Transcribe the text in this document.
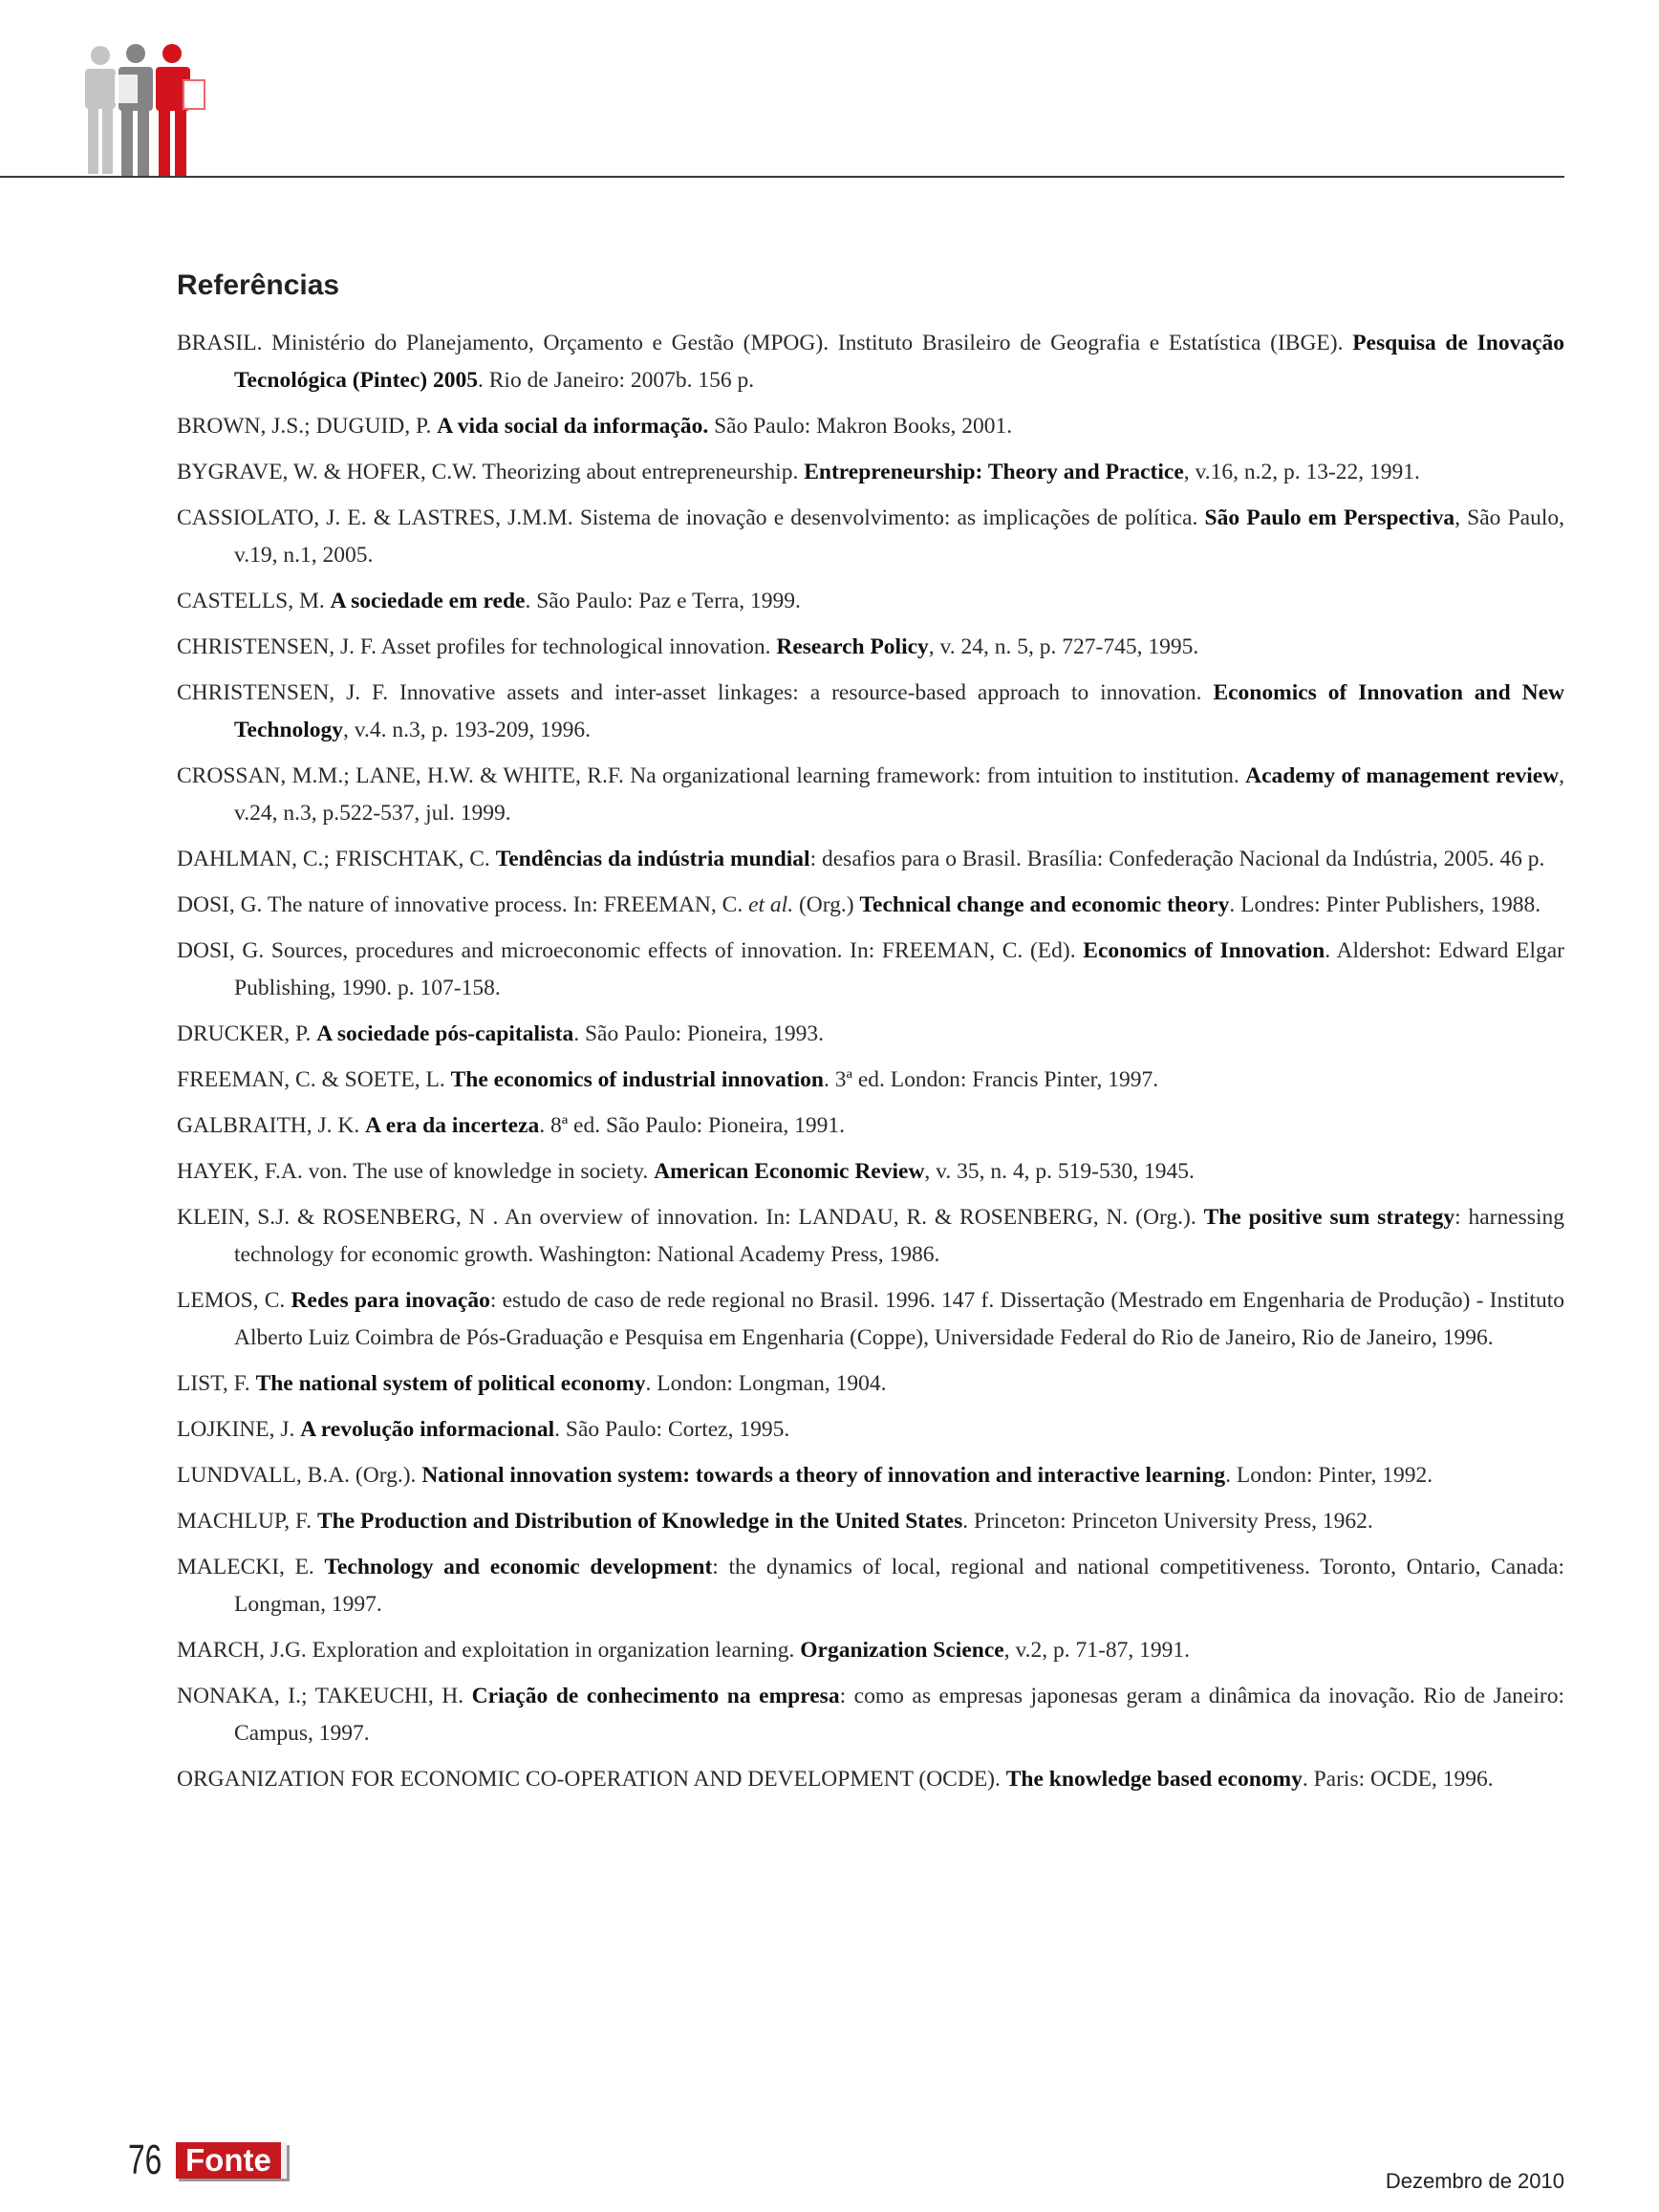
Referências
BRASIL. Ministério do Planejamento, Orçamento e Gestão (MPOG). Instituto Brasileiro de Geografia e Estatística (IBGE). Pesquisa de Inovação Tecnológica (Pintec) 2005. Rio de Janeiro: 2007b. 156 p.
BROWN, J.S.; DUGUID, P. A vida social da informação. São Paulo: Makron Books, 2001.
BYGRAVE, W. & HOFER, C.W. Theorizing about entrepreneurship. Entrepreneurship: Theory and Practice, v.16, n.2, p. 13-22, 1991.
CASSIOLATO, J. E. & LASTRES, J.M.M. Sistema de inovação e desenvolvimento: as implicações de política. São Paulo em Perspectiva, São Paulo, v.19, n.1, 2005.
CASTELLS, M. A sociedade em rede. São Paulo: Paz e Terra, 1999.
CHRISTENSEN, J. F. Asset profiles for technological innovation. Research Policy, v. 24, n. 5, p. 727-745, 1995.
CHRISTENSEN, J. F. Innovative assets and inter-asset linkages: a resource-based approach to innovation. Economics of Innovation and New Technology, v.4. n.3, p. 193-209, 1996.
CROSSAN, M.M.; LANE, H.W. & WHITE, R.F. Na organizational learning framework: from intuition to institution. Academy of management review, v.24, n.3, p.522-537, jul. 1999.
DAHLMAN, C.; FRISCHTAK, C. Tendências da indústria mundial: desafios para o Brasil. Brasília: Confederação Nacional da Indústria, 2005. 46 p.
DOSI, G. The nature of innovative process. In: FREEMAN, C. et al. (Org.) Technical change and economic theory. Londres: Pinter Publishers, 1988.
DOSI, G. Sources, procedures and microeconomic effects of innovation. In: FREEMAN, C. (Ed). Economics of Innovation. Aldershot: Edward Elgar Publishing, 1990. p. 107-158.
DRUCKER, P. A sociedade pós-capitalista. São Paulo: Pioneira, 1993.
FREEMAN, C. & SOETE, L. The economics of industrial innovation. 3ª ed. London: Francis Pinter, 1997.
GALBRAITH, J. K. A era da incerteza. 8ª ed. São Paulo: Pioneira, 1991.
HAYEK, F.A. von. The use of knowledge in society. American Economic Review, v. 35, n. 4, p. 519-530, 1945.
KLEIN, S.J. & ROSENBERG, N . An overview of innovation. In: LANDAU, R. & ROSENBERG, N. (Org.). The positive sum strategy: harnessing technology for economic growth. Washington: National Academy Press, 1986.
LEMOS, C. Redes para inovação: estudo de caso de rede regional no Brasil. 1996. 147 f. Dissertação (Mestrado em Engenharia de Produção) - Instituto Alberto Luiz Coimbra de Pós-Graduação e Pesquisa em Engenharia (Coppe), Universidade Federal do Rio de Janeiro, Rio de Janeiro, 1996.
LIST, F. The national system of political economy. London: Longman, 1904.
LOJKINE, J. A revolução informacional. São Paulo: Cortez, 1995.
LUNDVALL, B.A. (Org.). National innovation system: towards a theory of innovation and interactive learning. London: Pinter, 1992.
MACHLUP, F. The Production and Distribution of Knowledge in the United States. Princeton: Princeton University Press, 1962.
MALECKI, E. Technology and economic development: the dynamics of local, regional and national competitiveness. Toronto, Ontario, Canada: Longman, 1997.
MARCH, J.G. Exploration and exploitation in organization learning. Organization Science, v.2, p. 71-87, 1991.
NONAKA, I.; TAKEUCHI, H. Criação de conhecimento na empresa: como as empresas japonesas geram a dinâmica da inovação. Rio de Janeiro: Campus, 1997.
ORGANIZATION FOR ECONOMIC CO-OPERATION AND DEVELOPMENT (OCDE). The knowledge based economy. Paris: OCDE, 1996.
76 Fonte
Dezembro de 2010
